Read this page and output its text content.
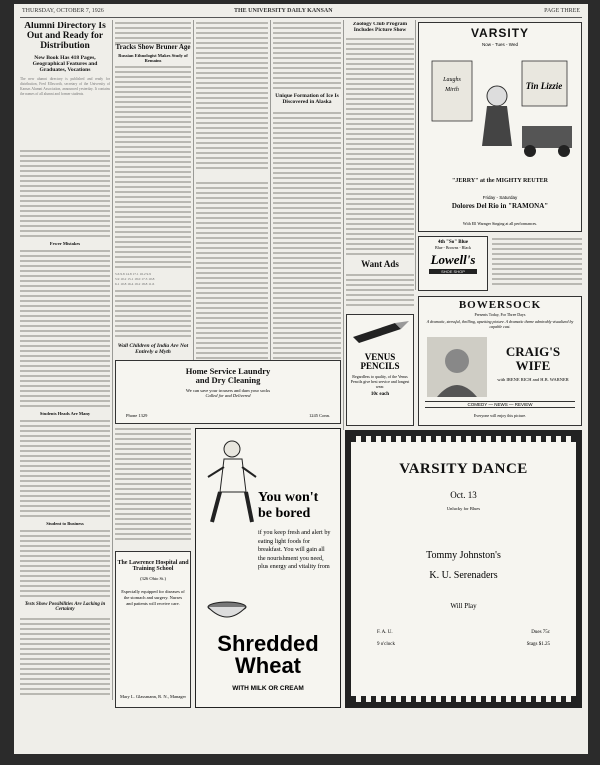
THURSDAY, OCTOBER 7, 1926	THE UNIVERSITY DAILY KANSAN	PAGE THREE
Alumni Directory Is Out and Ready for Distribution
New Book Has 418 Pages, Geographical Features and Graduates, Vocations
The new alumni directory is published and ready for distribution, Fred Ellsworth, secretary of the University of Kansas Alumni Association, announced yesterday. It contains the names of all alumni and former students.
Fewer Mistakes
Students Heads Are Many
Student to Business
Tests Show Possibilities Are Lacking in Certainty
Tracks Show Bruner Age
Russian Ethnologist Makes Study of Remains
5.6 9.8 14.8 17.1 16.2 9.9
5.9 10.2 15.1 18.0 17.3 10.8
6.1 10.8 16.4 19.2 18.8 11.6
Wall Children of India Are Not Entirely a Myth
Unique Formation of Ice Is Discovered in Alaska
Zoology Club Program Includes Picture Show
Want Ads
VARSITY
Now - Tues - Wed
Laughs
Mirth	Tin Lizzie
"JERRY" at the MIGHTY REUTER
Friday - Saturday
Dolores Del Rio in "RAMONA"
With Ell Warnger Singing at all performances.
4th "So" Blue
Blue - Browns - Black
Lowell's
SHOE SHOP
VENUS PENCILS
Regardless to quality, of the Venus Pencils give best service and longest wear.
10c each
BOWERSOCK
Presents Today, For Three Days
A dramatic, stressful, thrilling, upsetting picture. A dramatic theme admirably visualized by capable cast.
CRAIG'S WIFE
with IRENE RICH and H.B. WARNER
COMEDY — NEWS — REVIEW
Everyone will enjoy this picture.
Home Service Laundry
and Dry Cleaning
We can save your trousers and darn your socks
Called for and Delivered
Phone 1329	1245 Conn.
You won't
be bored
if you keep fresh and alert by eating light foods for breakfast. You will gain all the nourishment you need, plus energy and vitality from
Shredded Wheat
WITH MILK OR CREAM
The Lawrence Hospital and Training School
(326 Ohio St.)
Especially equipped for diseases of the stomach and surgery. Nurses and patients will receive care.
Mary L. Glassmann, R. N., Manager
VARSITY DANCE
Oct. 13
Unlucky for Blues
Tommy Johnston's
K. U. Serenaders
Will Play
F. A. U.
9 o'clock
Dues 75c
Stags $1.25
